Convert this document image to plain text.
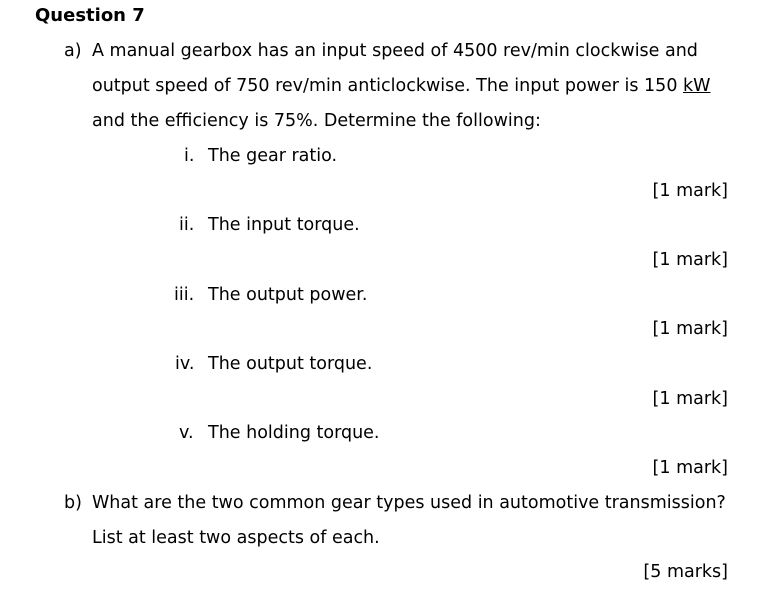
Question 7
a) A manual gearbox has an input speed of 4500 rev/min clockwise and
output speed of 750 rev/min anticlockwise. The input power is 150 kW
and the efficiency is 75%. Determine the following:
i. The gear ratio.
[1 mark]
ii. The input torque.
[1 mark]
iii. The output power.
[1 mark]
iv. The output torque.
[1 mark]
v. The holding torque.
[1 mark]
b) What are the two common gear types used in automotive transmission?
List at least two aspects of each.
[5 marks]
